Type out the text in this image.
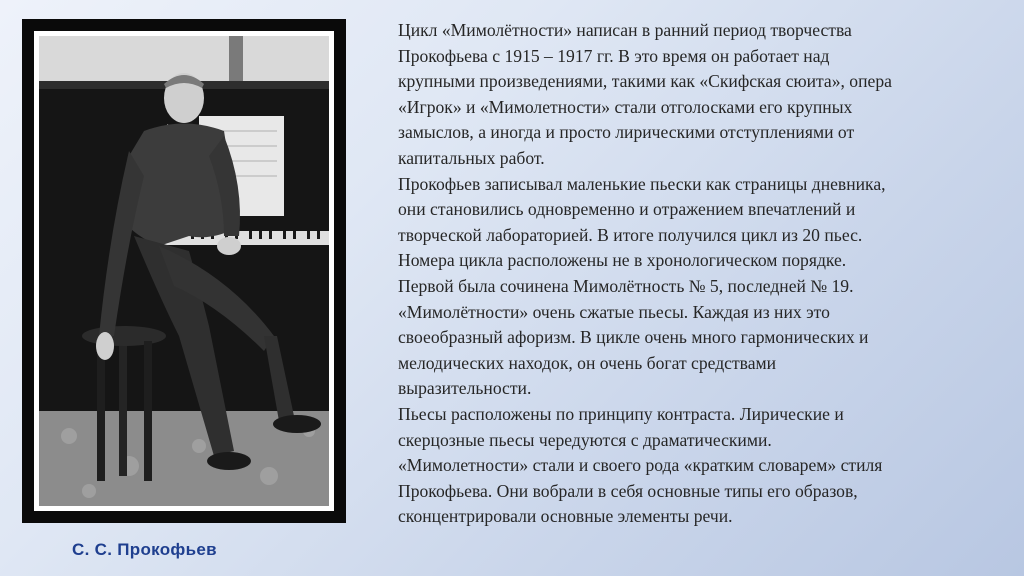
С. С. Прокофьев
Цикл «Мимолётности» написан в ранний период творчества
Прокофьева с 1915 – 1917 гг. В это время он работает над
крупными произведениями, такими как «Скифская сюита», опера
«Игрок» и «Мимолетности» стали отголосками его крупных
замыслов, а иногда и просто лирическими отступлениями от
капитальных работ.
Прокофьев записывал маленькие пьески как страницы дневника,
они становились одновременно и отражением впечатлений и
творческой лабораторией. В итоге получился цикл из 20 пьес.
Номера цикла расположены не в хронологическом порядке.
Первой была сочинена Мимолётность № 5, последней № 19.
«Мимолётности» очень сжатые пьесы. Каждая из них это
своеобразный афоризм. В цикле очень много гармонических и
мелодических находок, он очень богат средствами
выразительности.
Пьесы расположены по принципу контраста. Лирические и
скерцозные пьесы чередуются с драматическими.
«Мимолетности» стали и своего рода «кратким словарем» стиля
Прокофьева. Они вобрали в себя основные типы его образов,
сконцентрировали основные элементы речи.
